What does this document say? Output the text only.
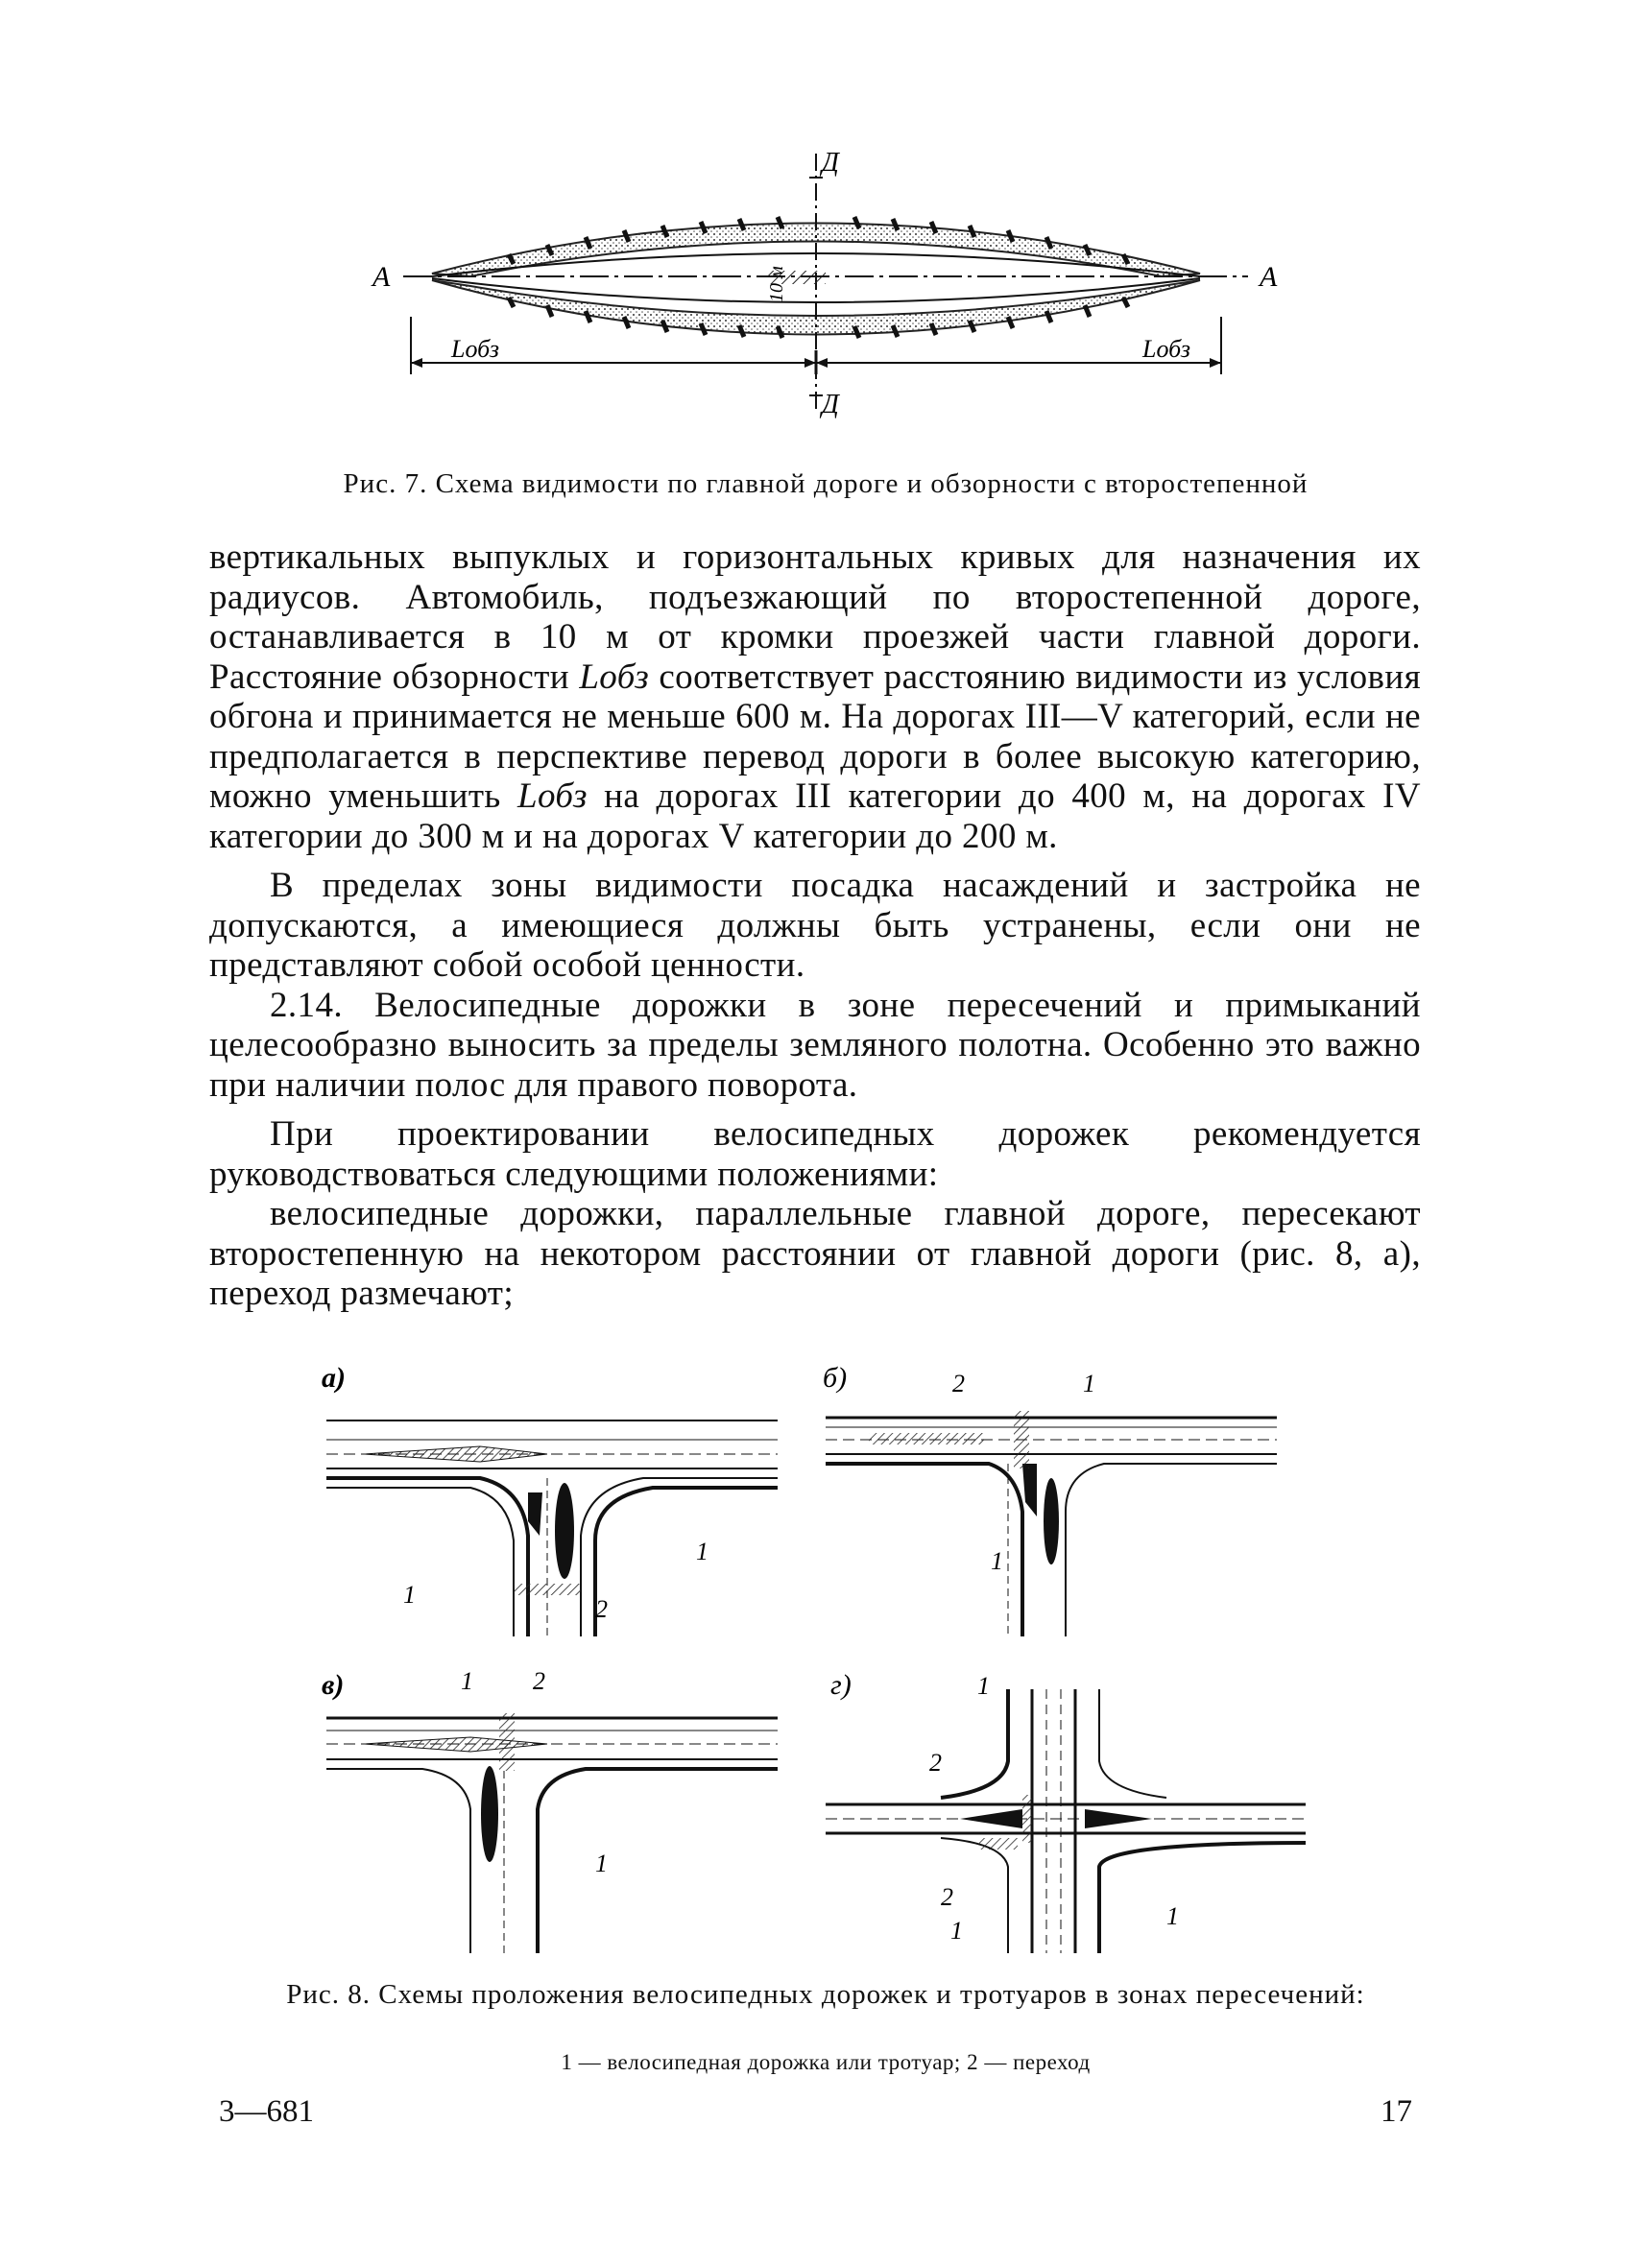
Д
Д
А	А
Lобз	Lобз
10 м
Рис. 7. Схема видимости по главной дороге и обзорности с второстепенной

вертикальных выпуклых и горизонтальных кривых для назначения их радиусов. Автомобиль, подъезжающий по второстепенной дороге, останавливается в 10 м от кромки проезжей части главной дороги. Расстояние обзорности Lобз соответствует расстоянию видимости из условия обгона и принимается не меньше 600 м. На дорогах III—V категорий, если не предполагается в перспективе перевод дороги в более высокую категорию, можно уменьшить Lобз на дорогах III категории до 400 м, на дорогах IV категории до 300 м и на дорогах V категории до 200 м.

В пределах зоны видимости посадка насаждений и застройка не допускаются, а имеющиеся должны быть устранены, если они не представляют собой особой ценности.

2.14. Велосипедные дорожки в зоне пересечений и примыканий целесообразно выносить за пределы земляного полотна. Особенно это важно при наличии полос для правого поворота.

При проектировании велосипедных дорожек рекомендуется руководствоваться следующими положениями:

велосипедные дорожки, параллельные главной дороге, пересекают второстепенную на некотором расстоянии от главной дороги (рис. 8, а), переход размечают;

а)
1
1
2
б)	2	1
1
в)	1 2
1
г)	1
2
2
1
1
Рис. 8. Схемы проложения велосипедных дорожек и тротуаров в зонах пересечений:
1 — велосипедная дорожка или тротуар; 2 — переход
3—681	17
